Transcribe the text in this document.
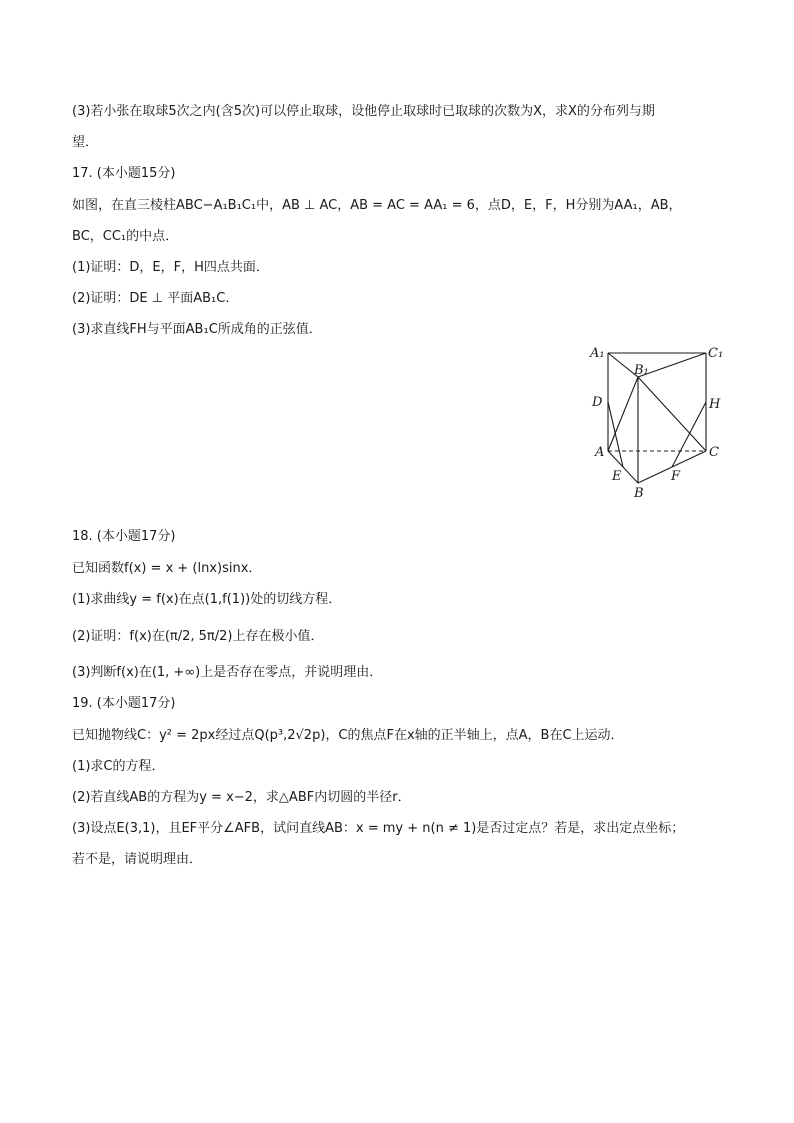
(3)若小张在取球5次之内(含5次)可以停止取球，设他停止取球时已取球的次数为X，求X的分布列与期
望．
17. (本小题15分)
如图，在直三棱柱ABC−A₁B₁C₁中，AB ⊥ AC，AB = AC = AA₁ = 6，点D，E，F，H分别为AA₁，AB，
BC，CC₁的中点．
(1)证明：D，E，F，H四点共面．
(2)证明：DE ⊥ 平面AB₁C.
(3)求直线FH与平面AB₁C所成角的正弦值．
A₁	C₁
B₁
D	H
A	C
E	F
B
18. (本小题17分)
已知函数f(x) = x + (lnx)sinx．
(1)求曲线y = f(x)在点(1,f(1))处的切线方程．
(2)证明：f(x)在(π/2, 5π/2)上存在极小值．
(3)判断f(x)在(1, +∞)上是否存在零点，并说明理由．
19. (本小题17分)
已知抛物线C：y² = 2px经过点Q(p³,2√2p)，C的焦点F在x轴的正半轴上，点A，B在C上运动．
(1)求C的方程．
(2)若直线AB的方程为y = x−2，求△ABF内切圆的半径r．
(3)设点E(3,1)，且EF平分∠AFB，试问直线AB：x = my + n(n ≠ 1)是否过定点？若是，求出定点坐标；
若不是，请说明理由．
